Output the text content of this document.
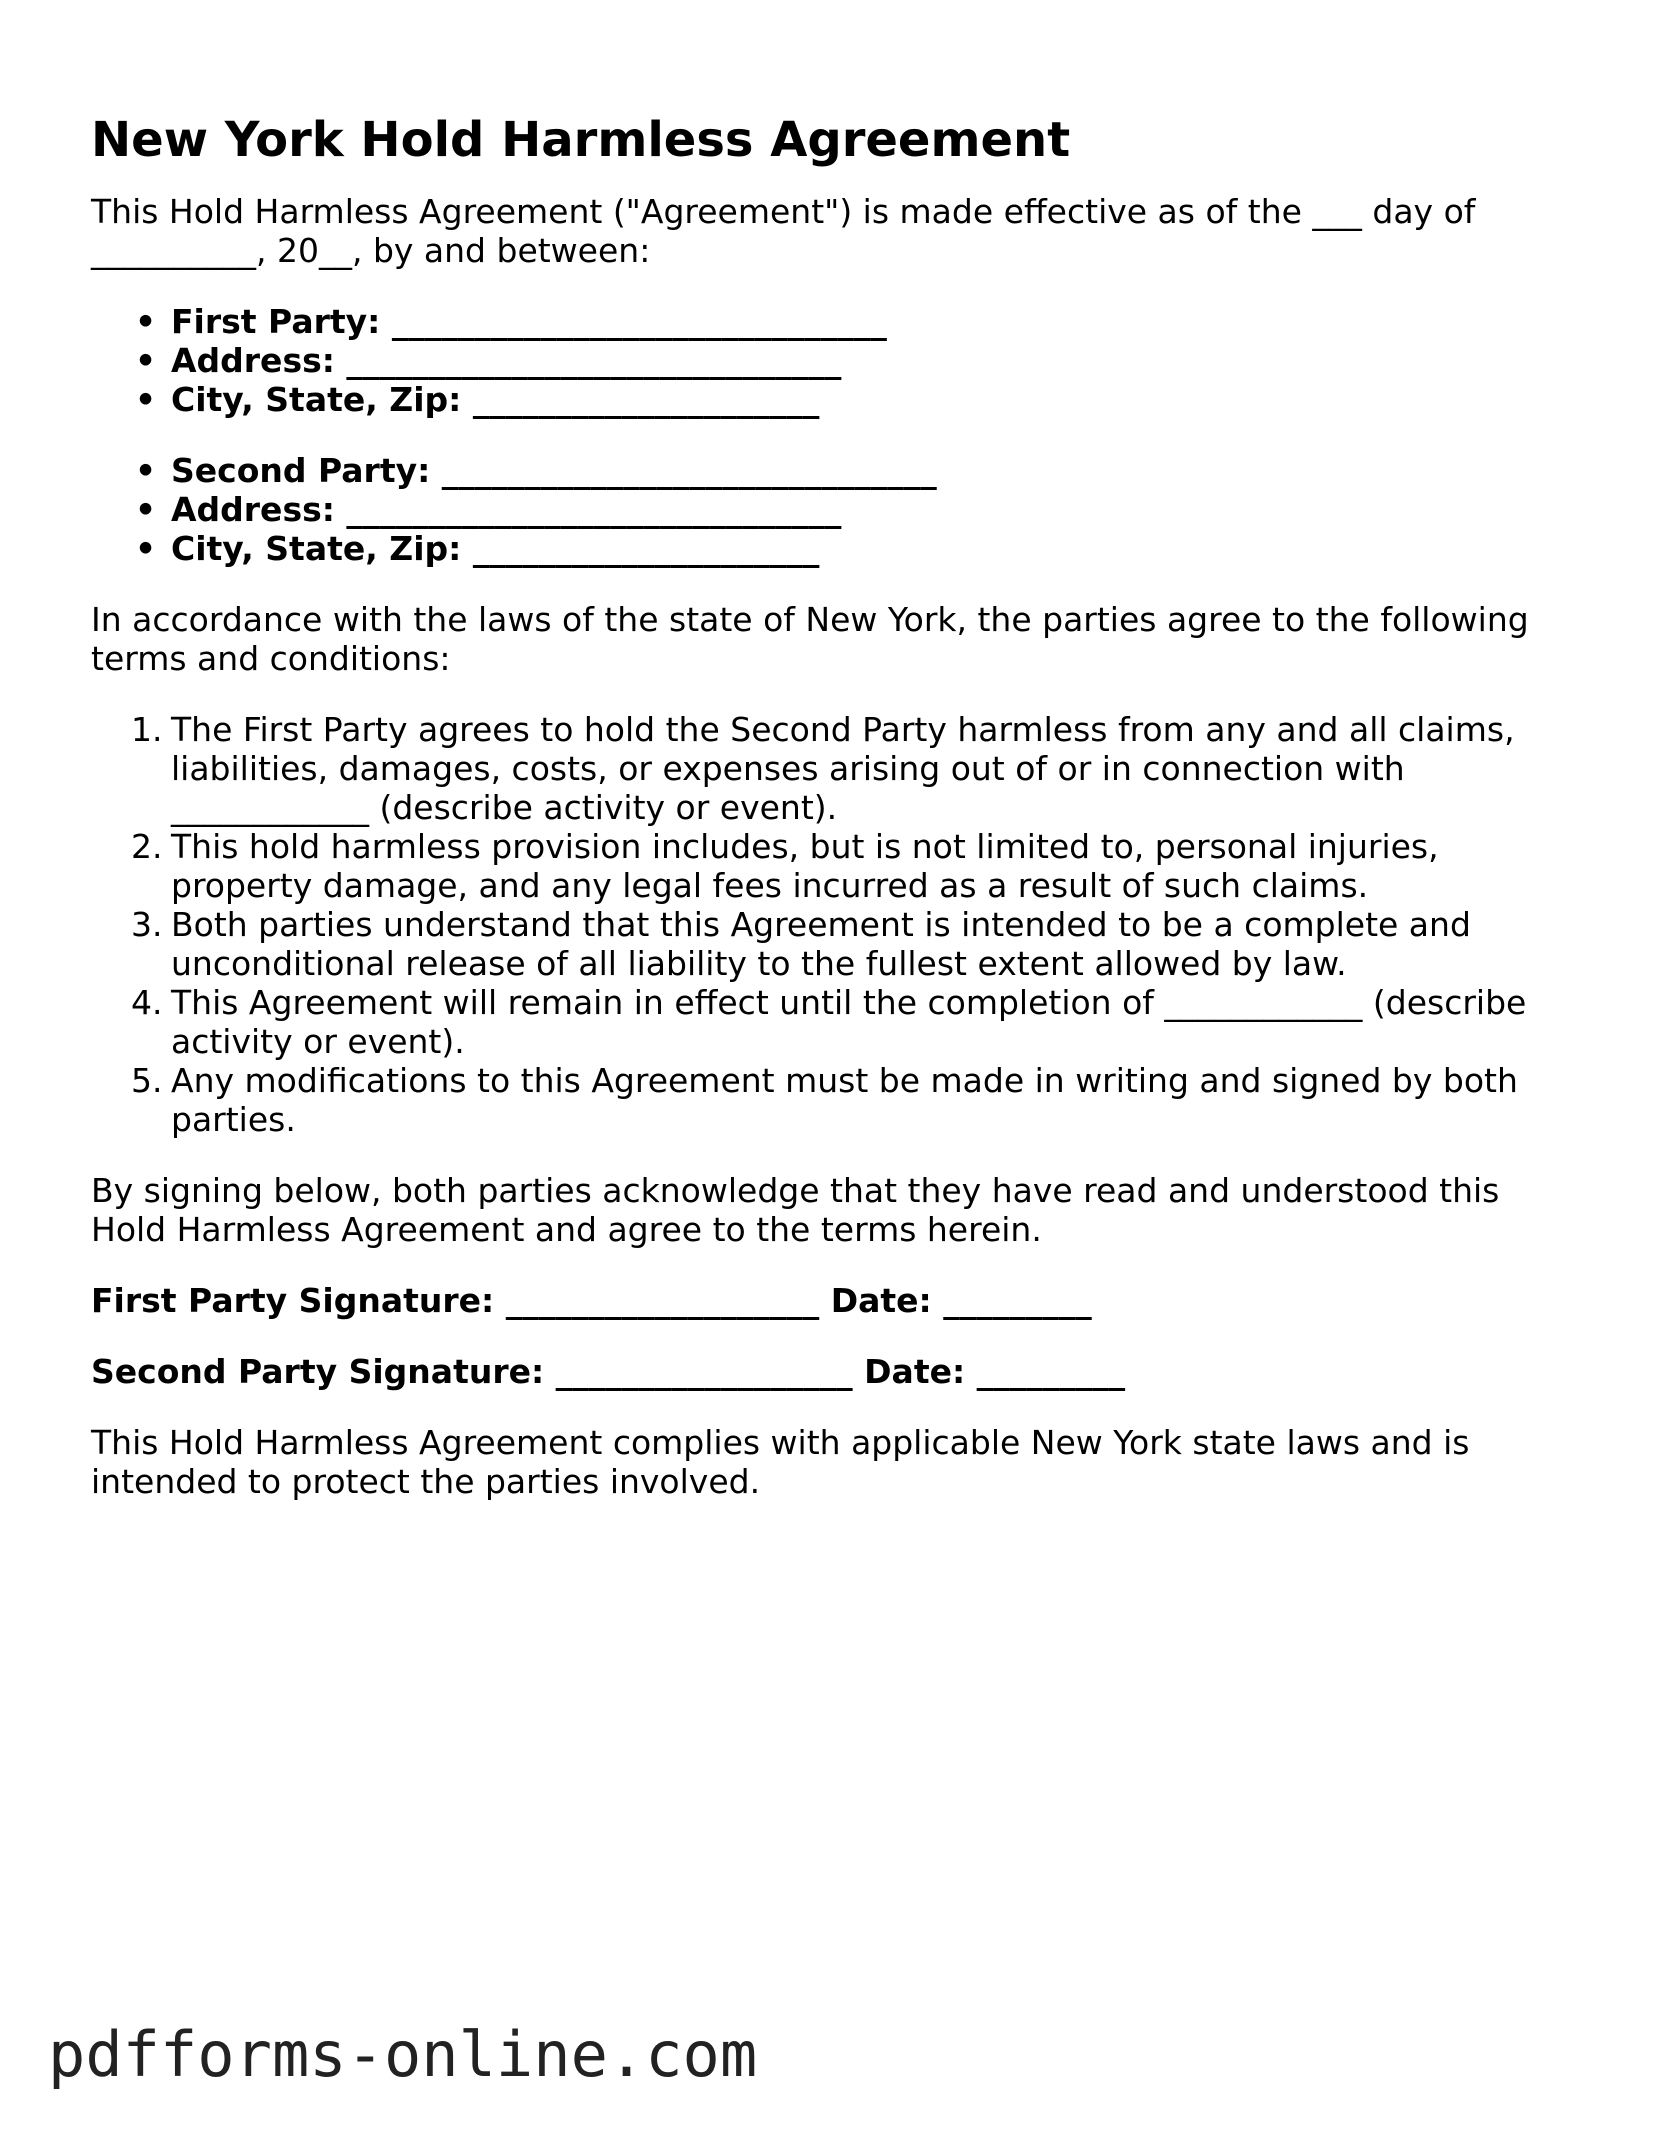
New York Hold Harmless Agreement

This Hold Harmless Agreement ("Agreement") is made effective as of the ___ day of __________, 20__, by and between:

• First Party: ______________________________
• Address: ______________________________
• City, State, Zip: _____________________
• Second Party: ______________________________
• Address: ______________________________
• City, State, Zip: _____________________

In accordance with the laws of the state of New York, the parties agree to the following terms and conditions:

1. The First Party agrees to hold the Second Party harmless from any and all claims, liabilities, damages, costs, or expenses arising out of or in connection with ____________ (describe activity or event).
2. This hold harmless provision includes, but is not limited to, personal injuries, property damage, and any legal fees incurred as a result of such claims.
3. Both parties understand that this Agreement is intended to be a complete and unconditional release of all liability to the fullest extent allowed by law.
4. This Agreement will remain in effect until the completion of ____________ (describe activity or event).
5. Any modifications to this Agreement must be made in writing and signed by both parties.

By signing below, both parties acknowledge that they have read and understood this Hold Harmless Agreement and agree to the terms herein.

First Party Signature: ___________________ Date: _________
Second Party Signature: __________________ Date: _________

This Hold Harmless Agreement complies with applicable New York state laws and is intended to protect the parties involved.

pdfforms-online.com
